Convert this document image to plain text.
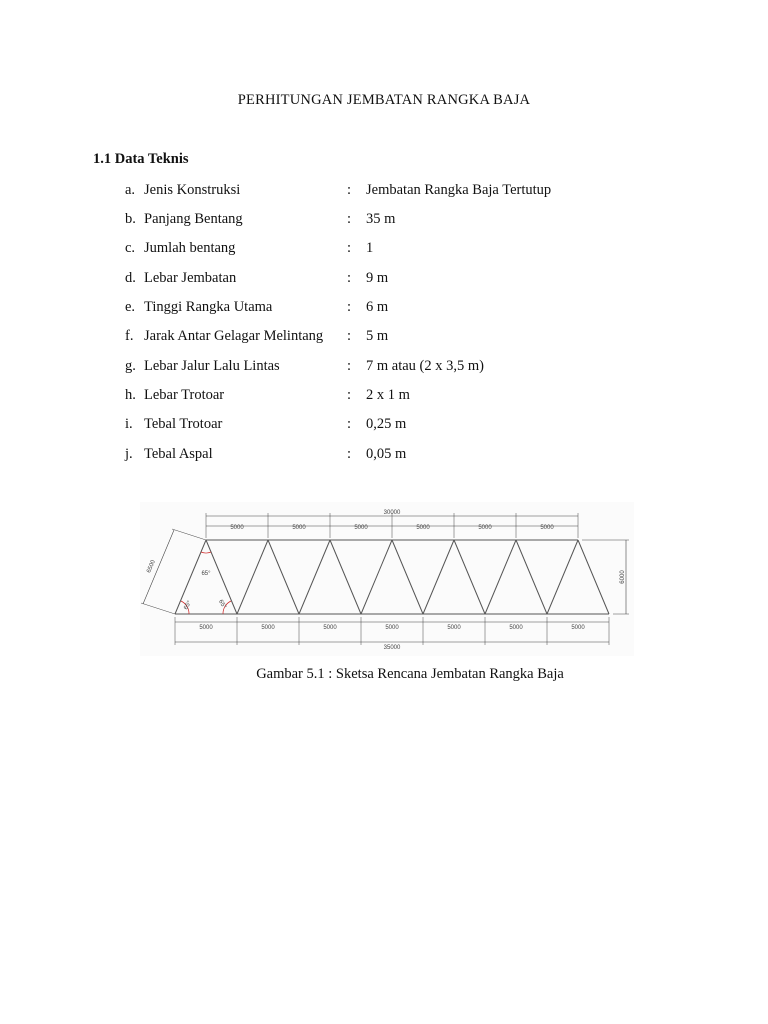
PERHITUNGAN JEMBATAN RANGKA BAJA
1.1 Data Teknis
a. Jenis Konstruksi	: Jembatan Rangka Baja Tertutup
b. Panjang Bentang	: 35 m
c. Jumlah bentang	: 1
d. Lebar Jembatan	: 9 m
e. Tinggi Rangka Utama	: 6 m
f. Jarak Antar Gelagar Melintang : 5 m
g. Lebar Jalur Lalu Lintas	: 7 m atau (2 x 3,5 m)
h. Lebar Trotoar	: 2 x 1 m
i. Tebal Trotoar	: 0,25 m
j. Tebal Aspal	: 0,05 m
30000
5000	5000	5000	5000	5000	5000
5000	5000	5000	5000	5000	5000	5000
35000
6000
6500
65°
65°	65°
Gambar 5.1 : Sketsa Rencana Jembatan Rangka Baja
